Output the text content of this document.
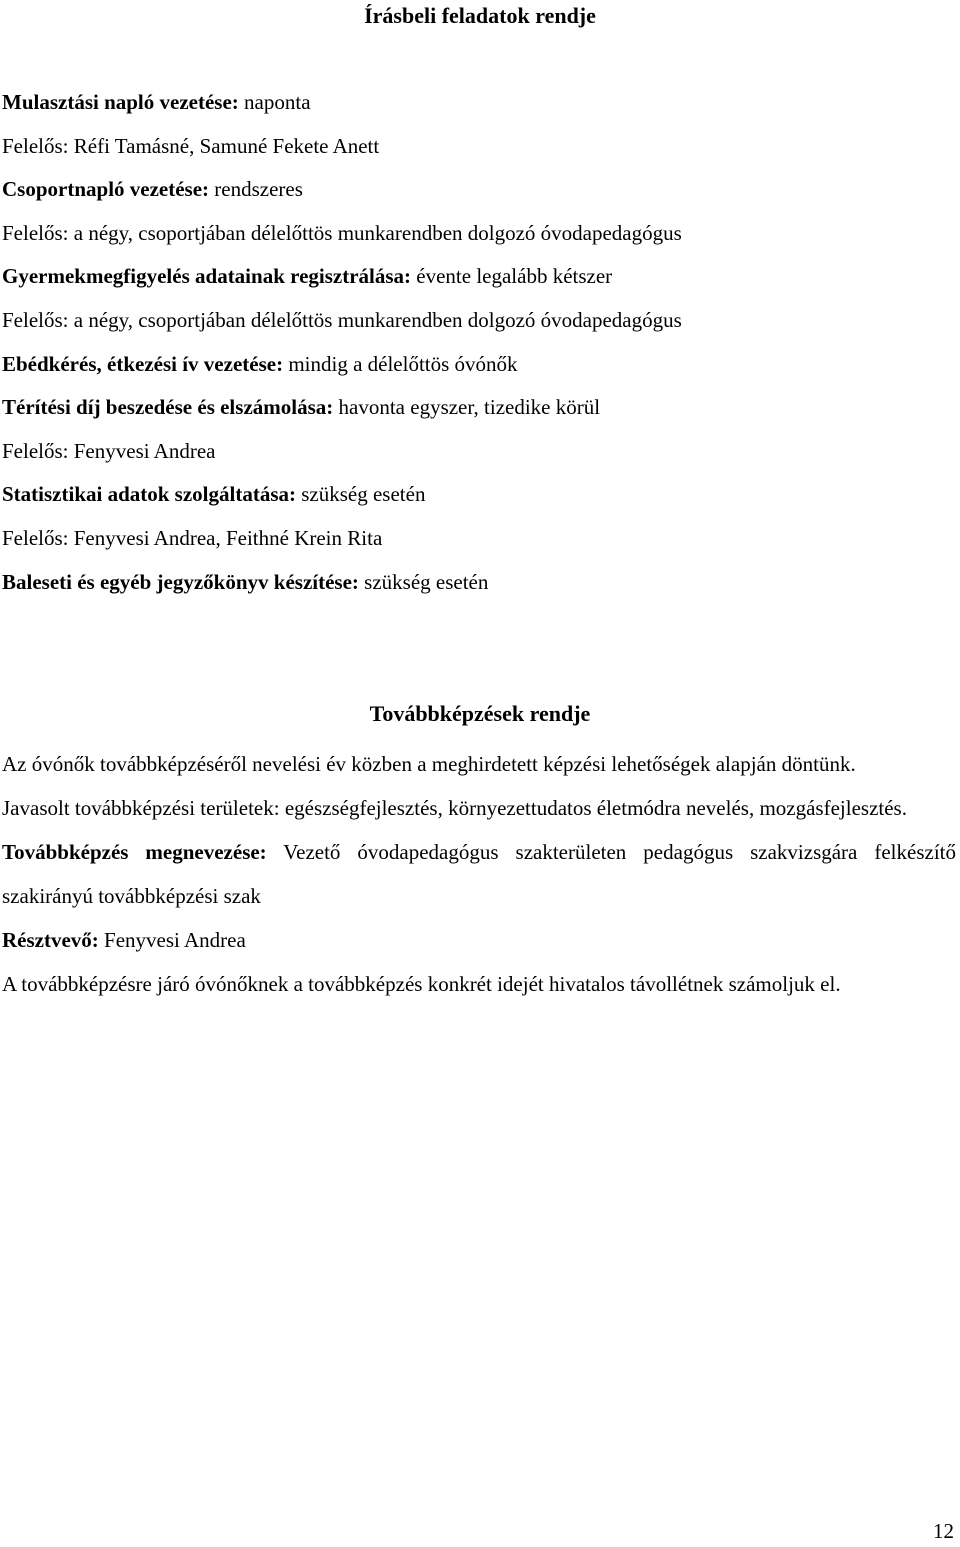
Írásbeli feladatok rendje
Mulasztási napló vezetése: naponta
Felelős: Réfi Tamásné, Samuné Fekete Anett
Csoportnapló vezetése: rendszeres
Felelős: a négy, csoportjában délelőttös munkarendben dolgozó óvodapedagógus
Gyermekmegfigyelés adatainak regisztrálása: évente legalább kétszer
Felelős: a négy, csoportjában délelőttös munkarendben dolgozó óvodapedagógus
Ebédkérés, étkezési ív vezetése: mindig a délelőttös óvónők
Térítési díj beszedése és elszámolása: havonta egyszer, tizedike körül
Felelős: Fenyvesi Andrea
Statisztikai adatok szolgáltatása: szükség esetén
Felelős: Fenyvesi Andrea, Feithné Krein Rita
Baleseti és egyéb jegyzőkönyv készítése: szükség esetén
Továbbképzések rendje

Az óvónők továbbképzéséről nevelési év közben a meghirdetett képzési lehetőségek alapján döntünk.

Javasolt továbbképzési területek: egészségfejlesztés, környezettudatos életmódra nevelés, mozgásfejlesztés.

Továbbképzés megnevezése: Vezető óvodapedagógus szakterületen pedagógus szakvizsgára felkészítő szakirányú továbbképzési szak

Résztvevő: Fenyvesi Andrea

A továbbképzésre járó óvónőknek a továbbképzés konkrét idejét hivatalos távollétnek számoljuk el.

12
